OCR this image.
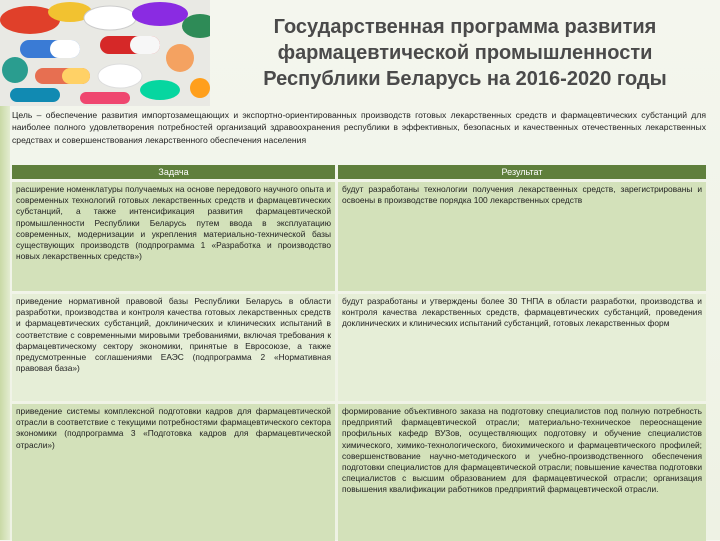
Государственная программа развития
фармацевтической промышленности
Республики Беларусь на 2016-2020 годы
Цель – обеспечение развития импортозамещающих и экспортно-ориентированных производств готовых лекарственных средств и фармацевтических субстанций для наиболее полного удовлетворения потребностей организаций здравоохранения республики в эффективных, безопасных и качественных отечественных лекарственных средствах и совершенствования лекарственного обеспечения населения
Задача	Результат
расширение номенклатуры получаемых на основе передового научного опыта и современных технологий готовых лекарственных средств и фармацевтических субстанций, а также интенсификация развития фармацевтической промышленности Республики Беларусь путем ввода в эксплуатацию современных, модернизации и укрепления материально-технической базы существующих производств (подпрограмма 1 «Разработка и производство новых лекарственных средств»)
будут разработаны технологии получения лекарственных средств, зарегистрированы и освоены в производстве порядка 100 лекарственных средств
приведение нормативной правовой базы Республики Беларусь в области разработки, производства и контроля качества готовых лекарственных средств и фармацевтических субстанций, доклинических и клинических испытаний в соответствие с современными мировыми требованиями, включая требования к фармацевтическому сектору экономики, принятые в Евросоюзе, а также предусмотренные соглашениями ЕАЭС (подпрограмма 2 «Нормативная правовая база»)
будут разработаны и утверждены более 30 ТНПА в области разработки, производства и контроля качества лекарственных средств, фармацевтических субстанций, проведения доклинических и клинических испытаний субстанций, готовых лекарственных форм
приведение системы комплексной подготовки кадров для фармацевтической отрасли в соответствие с текущими потребностями фармацевтического сектора экономики (подпрограмма 3 «Подготовка кадров для фармацевтической отрасли»)
формирование объективного заказа на подготовку специалистов под полную потребность предприятий фармацевтической отрасли; материально-техническое переоснащение профильных кафедр ВУЗов, осуществляющих подготовку и обучение специалистов химического, химико-технологического, биохимического и фармацевтического профилей; совершенствование научно-методического и учебно-производственного обеспечения подготовки специалистов для фармацевтической отрасли; повышение качества подготовки специалистов с высшим образованием для фармацевтической отрасли; организация повышения квалификации работников предприятий фармацевтической отрасли.
